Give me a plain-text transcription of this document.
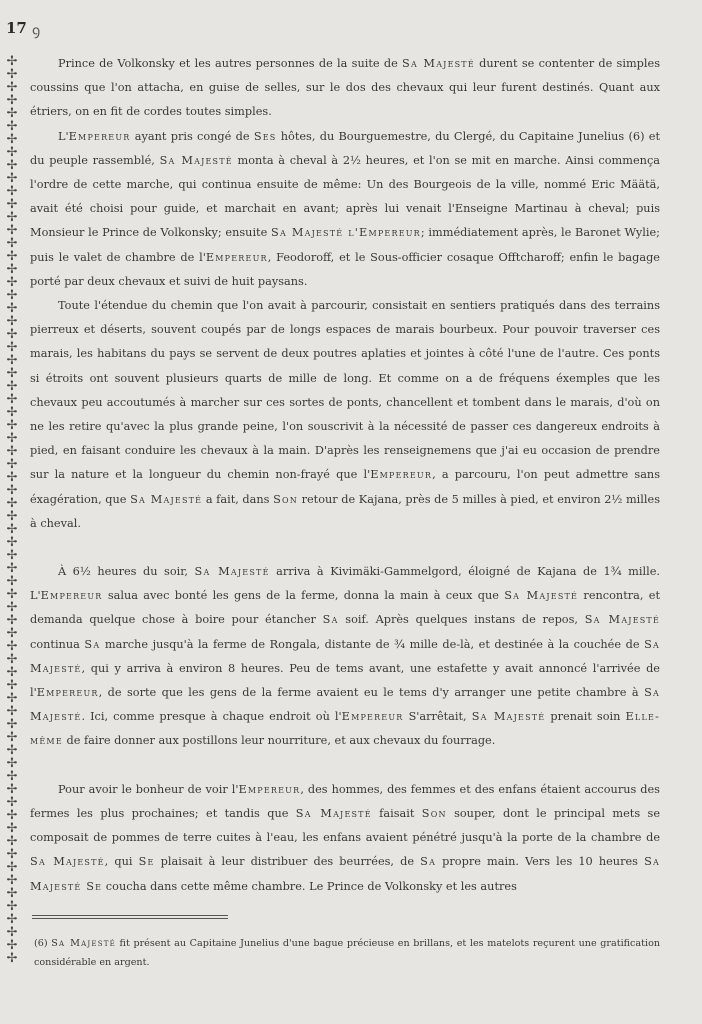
17 ꝯ
✢
✢
✢
✢
✢
✢
✢
✢
✢
✢
✢
✢
✢
✢
✢
✢
✢
✢
✢
✢
✢
✢
✢
✢
✢
✢
✢
✢
✢
✢
✢
✢
✢
✢
✢
✢
✢
✢
✢
✢
✢
✢
✢
✢
✢
✢
✢
✢
✢
✢
✢
✢
✢
✢
✢
✢
✢
✢
✢
✢
✢
✢
✢
✢
✢
✢
✢
✢
✢
✢

Prince de Volkonsky et les autres personnes de la suite de Sa Majesté durent se contenter de simples coussins que l'on attacha, en guise de selles, sur le dos des chevaux qui leur furent destinés. Quant aux étriers, on en fit de cordes toutes simples.

L'Empereur ayant pris congé de Ses hôtes, du Bourguemestre, du Clergé, du Capitaine Junelius (6) et du peuple rassemblé, Sa Majesté monta à cheval à 2½ heures, et l'on se mit en marche. Ainsi commença l'ordre de cette marche, qui continua ensuite de même: Un des Bourgeois de la ville, nommé Eric Määtä, avait été choisi pour guide, et marchait en avant; après lui venait l'Enseigne Martinau à cheval; puis Monsieur le Prince de Volkonsky; ensuite Sa Majesté l'Empereur; immédiatement après, le Baronet Wylie; puis le valet de chambre de l'Empereur, Feodoroff, et le Sous-officier cosaque Offtcharoff; enfin le bagage porté par deux chevaux et suivi de huit paysans.

Toute l'étendue du chemin que l'on avait à parcourir, consistait en sentiers pratiqués dans des terrains pierreux et déserts, souvent coupés par de longs espaces de marais bourbeux. Pour pouvoir traverser ces marais, les habitans du pays se servent de deux poutres aplaties et jointes à côté l'une de l'autre. Ces ponts si étroits ont souvent plusieurs quarts de mille de long. Et comme on a de fréquens éxemples que les chevaux peu accoutumés à marcher sur ces sortes de ponts, chancellent et tombent dans le marais, d'où on ne les retire qu'avec la plus grande peine, l'on souscrivit à la nécessité de passer ces dangereux endroits à pied, en faisant conduire les chevaux à la main. D'après les renseignemens que j'ai eu occasion de prendre sur la nature et la longueur du chemin non-frayé que l'Empereur, a parcouru, l'on peut admettre sans éxagération, que Sa Majesté a fait, dans Son retour de Kajana, près de 5 milles à pied, et environ 2½ milles à cheval.

À 6½ heures du soir, Sa Majesté arriva à Kivimäki-Gammelgord, éloigné de Kajana de 1¾ mille. L'Empereur salua avec bonté les gens de la ferme, donna la main à ceux que Sa Majesté rencontra, et demanda quelque chose à boire pour étancher Sa soif. Après quelques instans de repos, Sa Majesté continua Sa marche jusqu'à la ferme de Rongala, distante de ¾ mille de-là, et destinée à la couchée de Sa Majesté, qui y arriva à environ 8 heures. Peu de tems avant, une estafette y avait annoncé l'arrivée de l'Empereur, de sorte que les gens de la ferme avaient eu le tems d'y arranger une petite chambre à Sa Majesté. Ici, comme presque à chaque endroit où l'Empereur S'arrêtait, Sa Majesté prenait soin Elle-même de faire donner aux postillons leur nourriture, et aux chevaux du fourrage.

Pour avoir le bonheur de voir l'Empereur, des hommes, des femmes et des enfans étaient accourus des fermes les plus prochaines; et tandis que Sa Majesté faisait Son souper, dont le principal mets se composait de pommes de terre cuites à l'eau, les enfans avaient pénétré jusqu'à la porte de la chambre de Sa Majesté, qui Se plaisait à leur distribuer des beurrées, de Sa propre main. Vers les 10 heures Sa Majesté Se coucha dans cette même chambre. Le Prince de Volkonsky et les autres

(6) Sa Majesté fit présent au Capitaine Junelius d'une bague précieuse en brillans, et les matelots reçurent une gratification considérable en argent.
